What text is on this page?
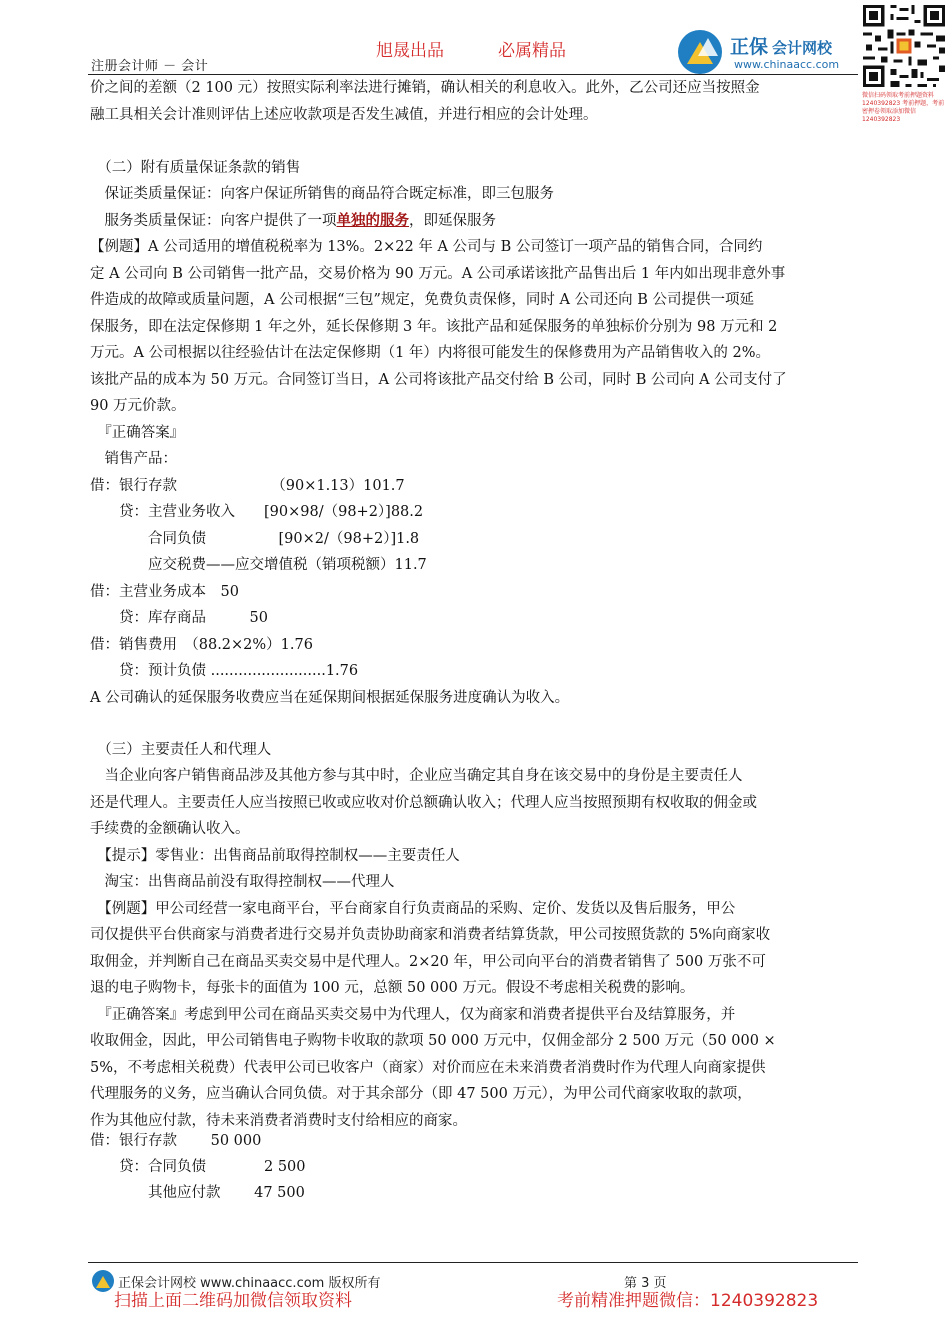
旭晟出品	必属精品
注册会计师 － 会计
正保 会计网校
www.chinaacc.com
微信扫码领取考前押题资料 1240392823 考前押题，考前密押卷领取添加微信 1240392823
价之间的差额（2 100 元）按照实际利率法进行摊销，确认相关的利息收入。此外，乙公司还应当按照金
融工具相关会计准则评估上述应收款项是否发生减值，并进行相应的会计处理。
　（二）附有质量保证条款的销售
　保证类质量保证：向客户保证所销售的商品符合既定标准，即三包服务
　服务类质量保证：向客户提供了一项单独的服务，即延保服务
【例题】A 公司适用的增值税税率为 13%。2×22 年 A 公司与 B 公司签订一项产品的销售合同，合同约
定 A 公司向 B 公司销售一批产品，交易价格为 90 万元。A 公司承诺该批产品售出后 1 年内如出现非意外事
件造成的故障或质量问题，A 公司根据“三包”规定，免费负责保修，同时 A 公司还向 B 公司提供一项延
保服务，即在法定保修期 1 年之外，延长保修期 3 年。该批产品和延保服务的单独标价分别为 98 万元和 2
万元。A 公司根据以往经验估计在法定保修期（1 年）内将很可能发生的保修费用为产品销售收入的 2%。
该批产品的成本为 50 万元。合同签订当日，A 公司将该批产品交付给 B 公司，同时 B 公司向 A 公司支付了
90 万元价款。
　『正确答案』
　销售产品：
借：银行存款　　　　　　　（90×1.13）101.7
　　贷：主营业务收入　　[90×98/（98+2）]88.2
　　　　合同负债　　　　　[90×2/（98+2）]1.8
　　　　应交税费——应交增值税（销项税额）11.7
借：主营业务成本　50
　　贷：库存商品　　　50
借：销售费用　（88.2×2%）1.76
　　贷：预计负债 .........................1.76
A 公司确认的延保服务收费应当在延保期间根据延保服务进度确认为收入。
　（三）主要责任人和代理人
　当企业向客户销售商品涉及其他方参与其中时，企业应当确定其自身在该交易中的身份是主要责任人
还是代理人。主要责任人应当按照已收或应收对价总额确认收入；代理人应当按照预期有权收取的佣金或
手续费的金额确认收入。
　【提示】零售业：出售商品前取得控制权——主要责任人
　淘宝：出售商品前没有取得控制权——代理人
　【例题】甲公司经营一家电商平台，平台商家自行负责商品的采购、定价、发货以及售后服务，甲公
司仅提供平台供商家与消费者进行交易并负责协助商家和消费者结算货款，甲公司按照货款的 5%向商家收
取佣金，并判断自己在商品买卖交易中是代理人。2×20 年，甲公司向平台的消费者销售了 500 万张不可
退的电子购物卡，每张卡的面值为 100 元，总额 50 000 万元。假设不考虑相关税费的影响。
　『正确答案』考虑到甲公司在商品买卖交易中为代理人，仅为商家和消费者提供平台及结算服务，并
收取佣金，因此，甲公司销售电子购物卡收取的款项 50 000 万元中，仅佣金部分 2 500 万元（50 000 ×
5%，不考虑相关税费）代表甲公司已收客户（商家）对价而应在未来消费者消费时作为代理人向商家提供
代理服务的义务，应当确认合同负债。对于其余部分（即 47 500 万元），为甲公司代商家收取的款项，
作为其他应付款，待未来消费者消费时支付给相应的商家。
借：银行存款　　 50 000
　　贷：合同负债　　　　2 500
　　　　其他应付款　　 47 500
正保会计网校 www.chinaacc.com 版权所有	第 3 页
扫描上面二维码加微信领取资料	考前精准押题微信：1240392823
